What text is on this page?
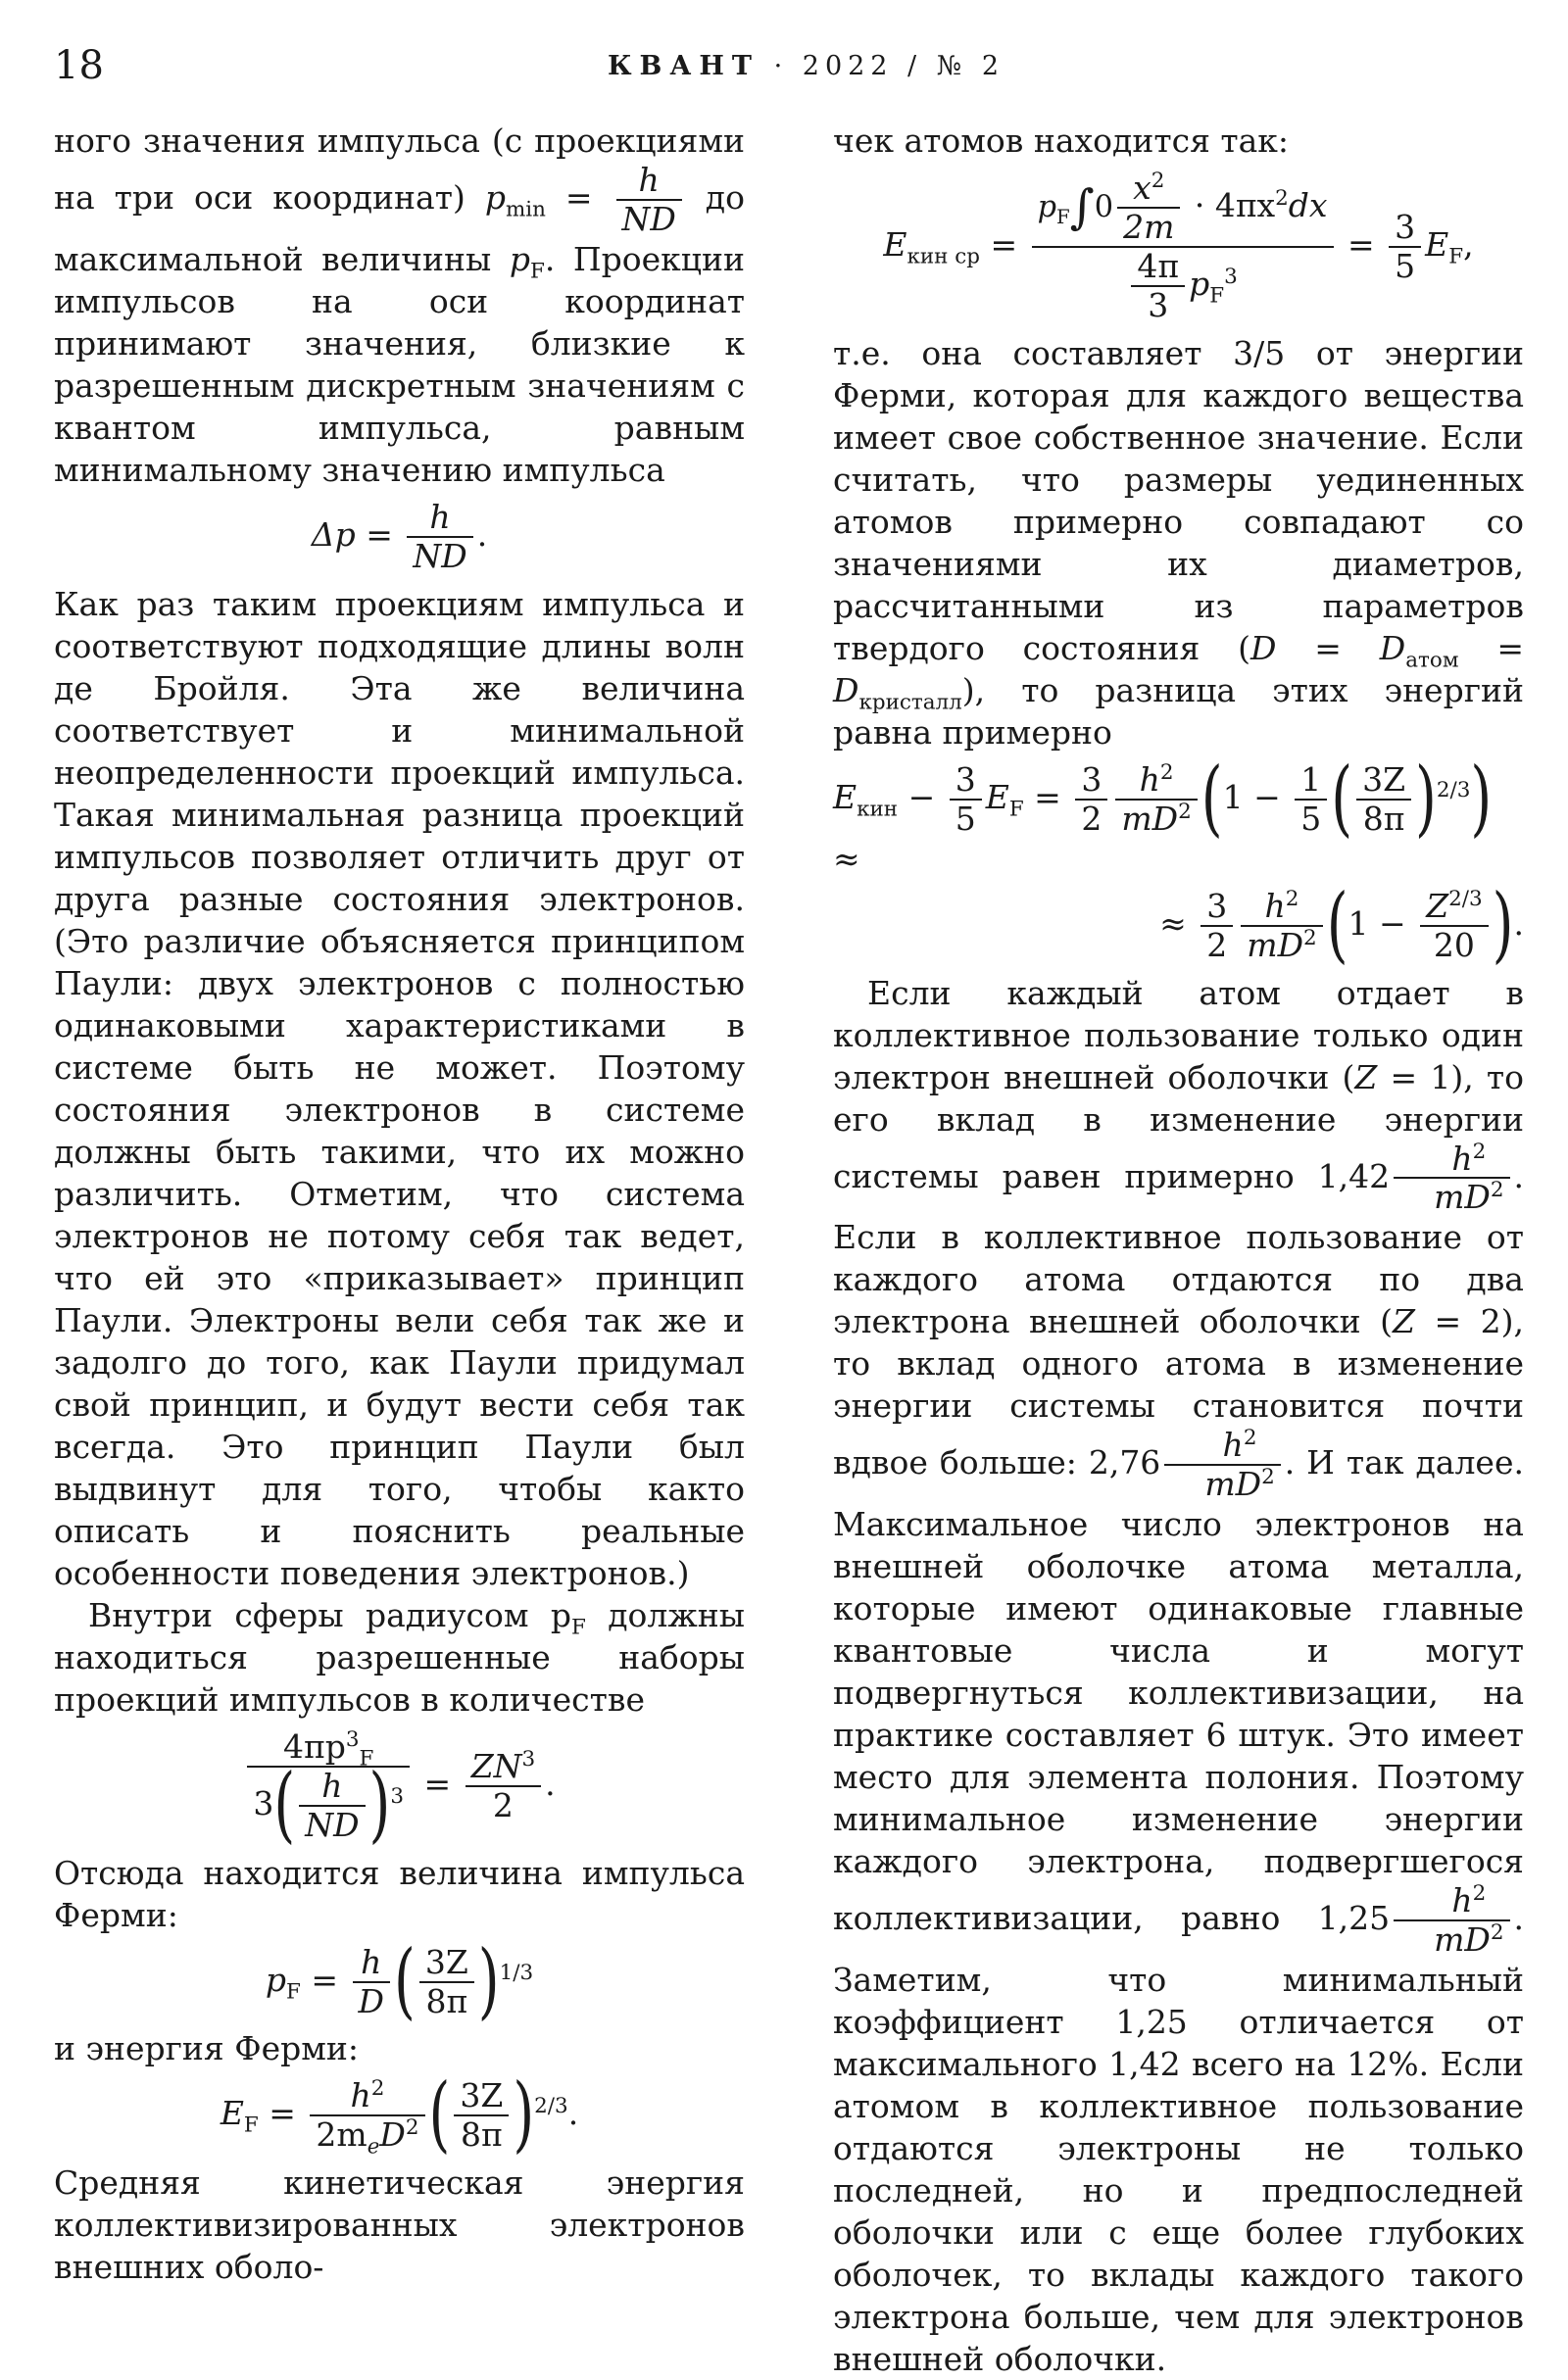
18	КВАНТ · 2022 / № 2

ного значения импульса (с проекциями на три оси координат) $p_{min} = \frac{h}{ND}$ до максимальной величины $p_F$. Проекции импульсов на оси координат принимают значения, близкие к разрешенным дискретным значениям с квантом импульса, равным минимальному значению импульса

$\Delta p = \frac{h}{ND}$ .

Как раз таким проекциям импульса и соответствуют подходящие длины волн де Бройля. Эта же величина соответствует и минимальной неопределенности проекций импульса. Такая минимальная разница проекций импульсов позволяет отличить друг от друга разные состояния электронов. (Это различие объясняется принципом Паули: двух электронов с полностью одинаковыми характеристиками в системе быть не может. Поэтому состояния электронов в системе должны быть такими, что их можно различить. Отметим, что система электронов не потому себя так ведет, что ей это «приказывает» принцип Паули. Электроны вели себя так же и задолго до того, как Паули придумал свой принцип, и будут вести себя так всегда. Это принцип Паули был выдвинут для того, чтобы както описать и пояснить реальные особенности поведения электронов.)

Внутри сферы радиусом $p_F$ должны находиться разрешенные наборы проекций импульсов в количестве

$\frac{4\pi p^3_F}{3( \frac{h}{ND} )^3} = \frac{ZN^3}{2}$ .

Отсюда находится величина импульса Ферми:

$p_F = \frac{h}{D}$ ( $\frac{3Z}{8\pi} )^{1/3}$

и энергия Ферми:

$E_F = \frac{h^2}{2m_eD^2}$ ( $\frac{3Z}{8\pi} )^{2/3}$.

Средняя кинетическая энергия коллективизированных электронов внешних оболо-

чек атомов находится так:

$E_{кин ср} = \frac{p_F\int 0 \frac{x^2}{2m} \cdot 4\pi x^2dx}{\frac{4\pi}{3} p_F^3} = \frac{3}{5} E_F$,

т.е. она составляет 3/5 от энергии Ферми, которая для каждого вещества имеет свое собственное значение. Если считать, что размеры уединенных атомов примерно совпадают со значениями их диаметров, рассчитанными из параметров твердого состояния $(D = D_{атом} = D_{кристалл})$, то разница этих энергий равна примерно

$E_{кин} - \frac{3}{5} E_F = \frac{3}{2} \frac{h^2}{mD^2} (1 - \frac{1}{5}$ ( $\frac{3Z}{8\pi} )^{2/3}$) ≈
≈ $\frac{3}{2} \frac{h^2}{mD^2} (1 - \frac{Z^{2/3}}{20}$ ).

Если каждый атом отдает в коллективное пользование только один электрон внешней оболочки (Z = 1), то его вклад в изменение энергии системы равен примерно $1,42 \frac{h^2}{mD^2}$ . Если в коллективное пользование от каждого атома отдаются по два электрона внешней оболочки (Z = 2), то вклад одного атома в изменение энергии системы становится почти вдвое больше: $2,76 \frac{h^2}{mD^2}$ . И так далее. Максимальное число электронов на внешней оболочке атома металла, которые имеют одинаковые главные квантовые числа и могут подвергнуться коллективизации, на практике составляет 6 штук. Это имеет место для элемента полония. Поэтому минимальное изменение энергии каждого электрона, подвергшегося коллективизации, равно $1,25 \frac{h^2}{mD^2}$ . Заметим, что минимальный коэффициент 1,25 отличается от максимального 1,42 всего на 12%. Если атомом в коллективное пользование отдаются электроны не только последней, но и предпоследней оболочки или с еще более глубоких оболочек, то вклады каждого такого электрона больше, чем для электронов внешней оболочки.
